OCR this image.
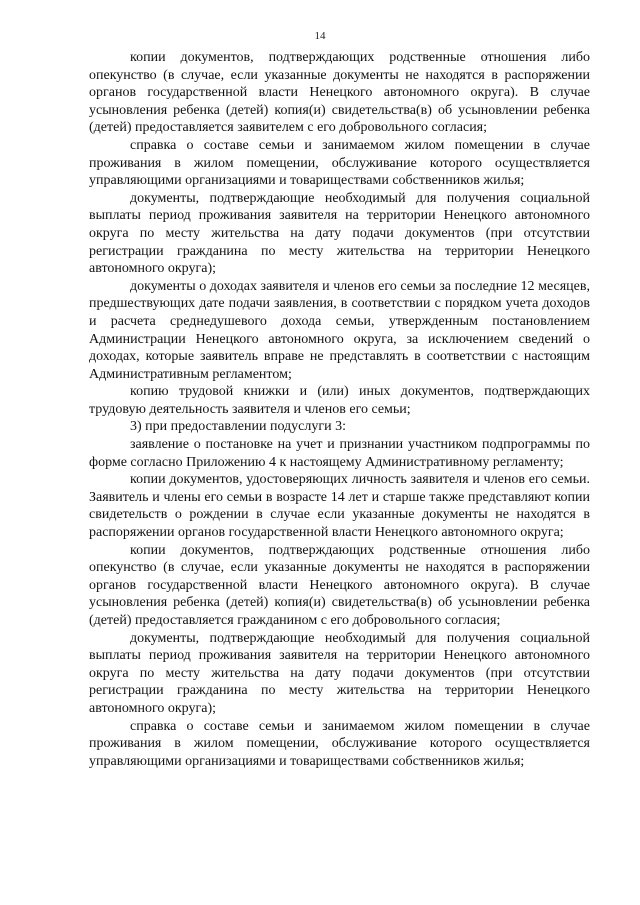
14

копии документов, подтверждающих родственные отношения либо опекунство (в случае, если указанные документы не находятся в распоряжении органов государственной власти Ненецкого автономного округа). В случае усыновления ребенка (детей) копия(и) свидетельства(в) об усыновлении ребенка (детей) предоставляется заявителем с его добровольного согласия;

справка о составе семьи и занимаемом жилом помещении в случае проживания в жилом помещении, обслуживание которого осуществляется управляющими организациями и товариществами собственников жилья;

документы, подтверждающие необходимый для получения социальной выплаты период проживания заявителя на территории Ненецкого автономного округа по месту жительства на дату подачи документов (при отсутствии регистрации гражданина по месту жительства на территории Ненецкого автономного округа);

документы о доходах заявителя и членов его семьи за последние 12 месяцев, предшествующих дате подачи заявления, в соответствии с порядком учета доходов и расчета среднедушевого дохода семьи, утвержденным постановлением Администрации Ненецкого автономного округа, за исключением сведений о доходах, которые заявитель вправе не представлять в соответствии с настоящим Административным регламентом;

копию трудовой книжки и (или) иных документов, подтверждающих трудовую деятельность заявителя и членов его семьи;

3) при предоставлении подуслуги 3:

заявление о постановке на учет и признании участником подпрограммы по форме согласно Приложению 4 к настоящему Административному регламенту;

копии документов, удостоверяющих личность заявителя и членов его семьи. Заявитель и члены его семьи в возрасте 14 лет и старше также представляют копии свидетельств о рождении в случае если указанные документы не находятся в распоряжении органов государственной власти Ненецкого автономного округа;

копии документов, подтверждающих родственные отношения либо опекунство (в случае, если указанные документы не находятся в распоряжении органов государственной власти Ненецкого автономного округа). В случае усыновления ребенка (детей) копия(и) свидетельства(в) об усыновлении ребенка (детей) предоставляется гражданином с его добровольного согласия;

документы, подтверждающие необходимый для получения социальной выплаты период проживания заявителя на территории Ненецкого автономного округа по месту жительства на дату подачи документов (при отсутствии регистрации гражданина по месту жительства на территории Ненецкого автономного округа);

справка о составе семьи и занимаемом жилом помещении в случае проживания в жилом помещении, обслуживание которого осуществляется управляющими организациями и товариществами собственников жилья;
